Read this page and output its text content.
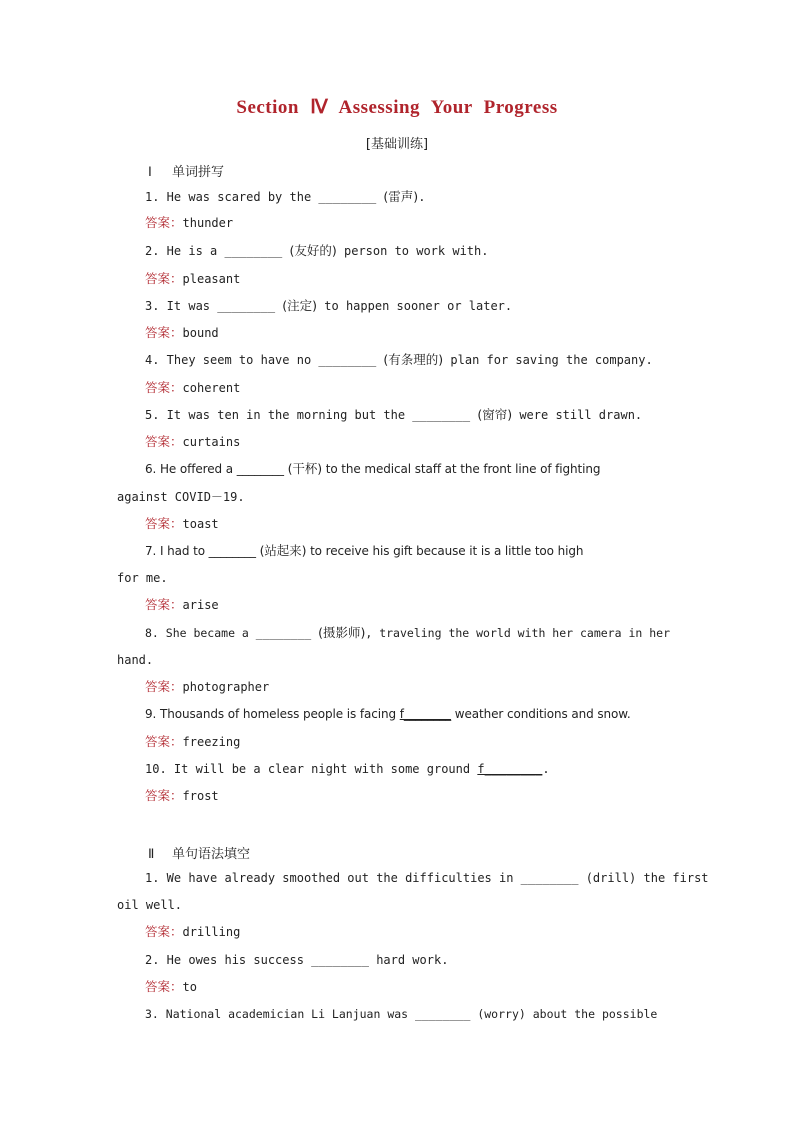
Section Ⅳ Assessing Your Progress
[基础训练]
Ⅰ 单词拼写
1. He was scared by the ________ (雷声).
答案：thunder
2. He is a ________ (友好的) person to work with.
答案：pleasant
3. It was ________ (注定) to happen sooner or later.
答案：bound
4. They seem to have no ________ (有条理的) plan for saving the company.
答案：coherent
5. It was ten in the morning but the ________ (窗帘) were still drawn.
答案：curtains
6. He offered a ________ (干杯) to the medical staff at the front line of fighting
against COVID－19.
答案：toast
7. I had to ________ (站起来) to receive his gift because it is a little too high
for me.
答案：arise
8. She became a ________ (摄影师), traveling the world with her camera in her
hand.
答案：photographer
9. Thousands of homeless people is facing f________ weather conditions and snow.
答案：freezing
10. It will be a clear night with some ground f________.
答案：frost
Ⅱ 单句语法填空
1. We have already smoothed out the difficulties in ________ (drill) the first
oil well.
答案：drilling
2. He owes his success ________ hard work.
答案：to
3. National academician Li Lanjuan was ________ (worry) about the possible
